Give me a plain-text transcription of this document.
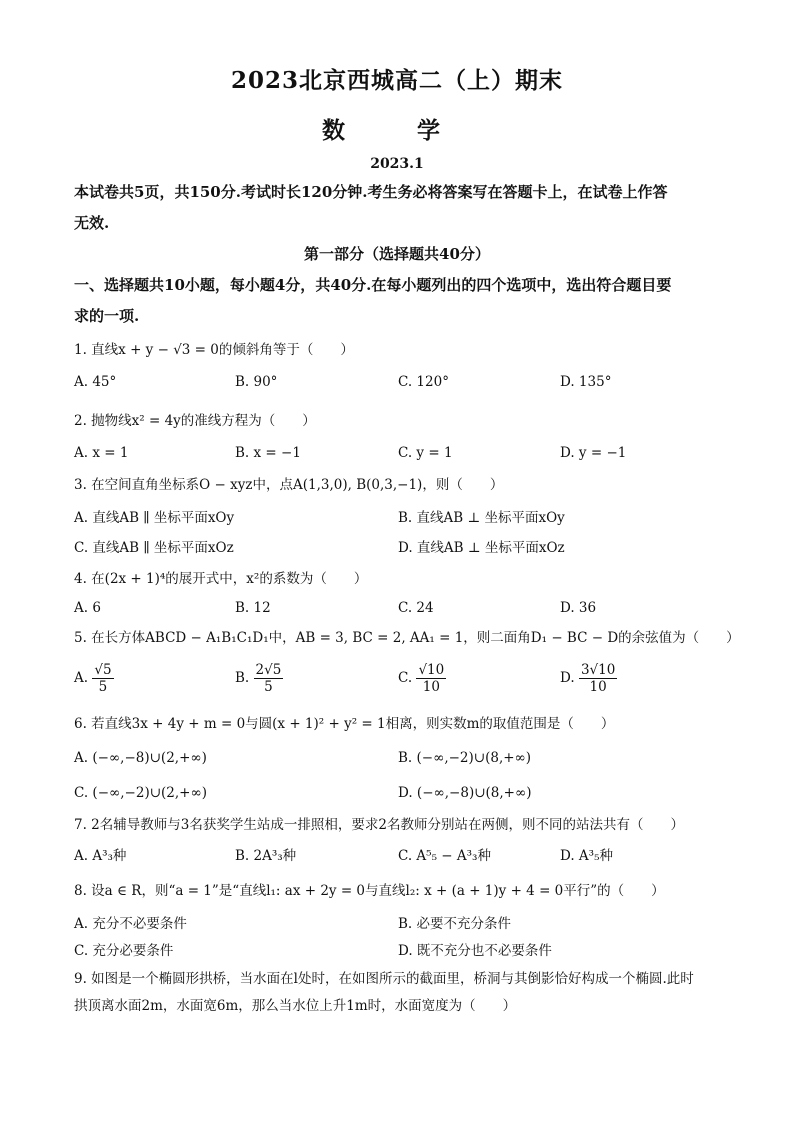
2023北京西城高二（上）期末
数 学
2023.1
本试卷共5页，共150分.考试时长120分钟.考生务必将答案写在答题卡上，在试卷上作答
无效.
第一部分（选择题共40分）
一、选择题共10小题，每小题4分，共40分.在每小题列出的四个选项中，选出符合题目要
求的一项.
1. 直线x + y − √3 = 0的倾斜角等于（　　）
A. 45°	B. 90°	C. 120°	D. 135°
2. 抛物线x² = 4y的准线方程为（　　）
A. x = 1	B. x = −1	C. y = 1	D. y = −1
3. 在空间直角坐标系O − xyz中，点A(1,3,0), B(0,3,−1)，则（　　）
A. 直线AB ∥ 坐标平面xOy	B. 直线AB ⊥ 坐标平面xOy
C. 直线AB ∥ 坐标平面xOz	D. 直线AB ⊥ 坐标平面xOz
4. 在(2x + 1)⁴的展开式中，x²的系数为（　　）
A. 6	B. 12	C. 24	D. 36
5. 在长方体ABCD − A₁B₁C₁D₁中，AB = 3, BC = 2, AA₁ = 1，则二面角D₁ − BC − D的余弦值为（　　）
A. $\frac{√5}{5}$	B. $\frac{2√5}{5}$	C. $\frac{√10}{10}$	D. $\frac{3√10}{10}$
6. 若直线3x + 4y + m = 0与圆(x + 1)² + y² = 1相离，则实数m的取值范围是（　　）
A. (−∞,−8)∪(2,+∞)	B. (−∞,−2)∪(8,+∞)
C. (−∞,−2)∪(2,+∞)	D. (−∞,−8)∪(8,+∞)
7. 2名辅导教师与3名获奖学生站成一排照相，要求2名教师分别站在两侧，则不同的站法共有（　　）
A. A³₃种	B. 2A³₃种	C. A⁵₅ − A³₃种	D. A³₅种
8. 设a ∈ R，则“a = 1”是“直线l₁: ax + 2y = 0与直线l₂: x + (a + 1)y + 4 = 0平行”的（　　）
A. 充分不必要条件	B. 必要不充分条件
C. 充分必要条件	D. 既不充分也不必要条件
9. 如图是一个椭圆形拱桥，当水面在l处时，在如图所示的截面里，桥洞与其倒影恰好构成一个椭圆.此时
拱顶离水面2m，水面宽6m，那么当水位上升1m时，水面宽度为（　　）
